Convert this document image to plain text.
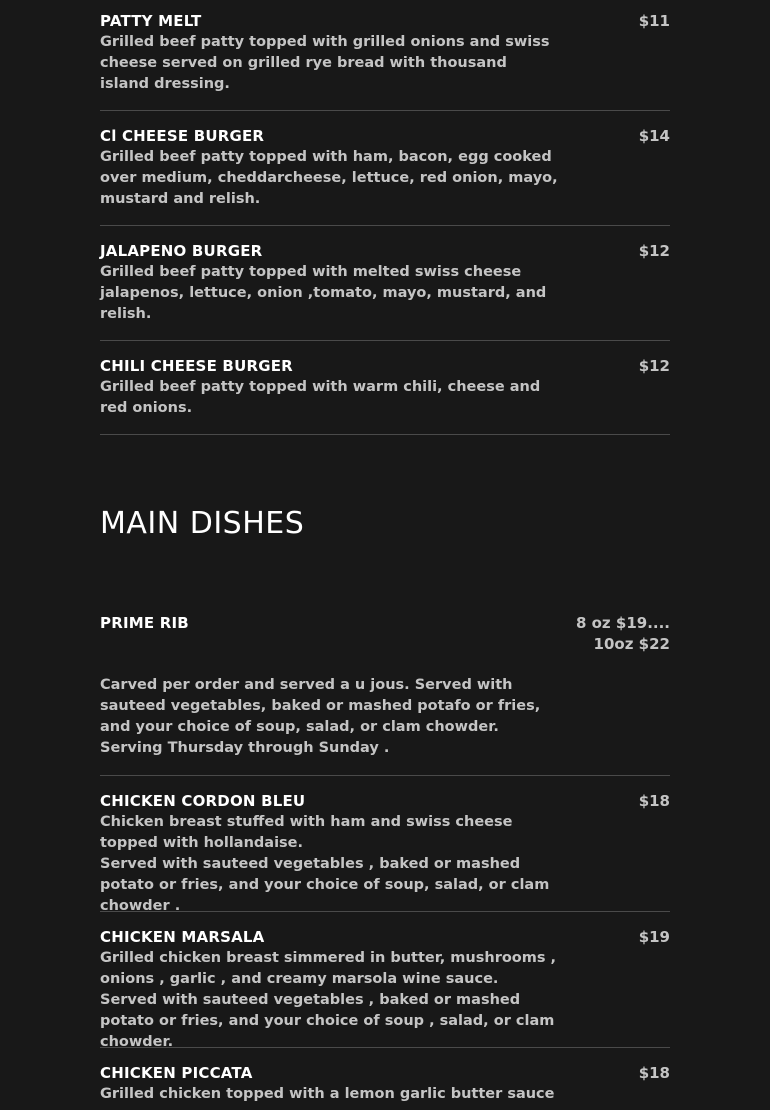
PATTY MELT	$11
Grilled beef patty topped with grilled onions and swiss cheese served on grilled rye bread with thousand island dressing.
Cl CHEESE BURGER	$14
Grilled beef patty topped with ham, bacon, egg cooked over medium, cheddarcheese, lettuce, red onion, mayo, mustard and relish.
JALAPENO BURGER	$12
Grilled beef patty topped with melted swiss cheese jalapenos, lettuce, onion ,tomato, mayo, mustard, and relish.
CHILI CHEESE BURGER	$12
Grilled beef patty topped with warm chili, cheese and red onions.
MAIN DISHES
PRIME RIB	8 oz $19....
10oz $22
Carved per order and served a u jous. Served with sauteed vegetables, baked or mashed potafo or fries, and your choice of soup, salad, or clam chowder.
Serving Thursday through Sunday .
CHICKEN CORDON BLEU	$18
Chicken breast stuffed with ham and swiss cheese topped with hollandaise.
Served with sauteed vegetables , baked or mashed potato or fries, and your choice of soup, salad, or clam chowder .
CHICKEN MARSALA	$19
Grilled chicken breast simmered in butter, mushrooms , onions , garlic , and creamy marsola wine sauce. Served with sauteed vegetables , baked or mashed potato or fries, and your choice of soup , salad, or clam chowder.
CHICKEN PICCATA	$18
Grilled chicken topped with a lemon garlic butter sauce
